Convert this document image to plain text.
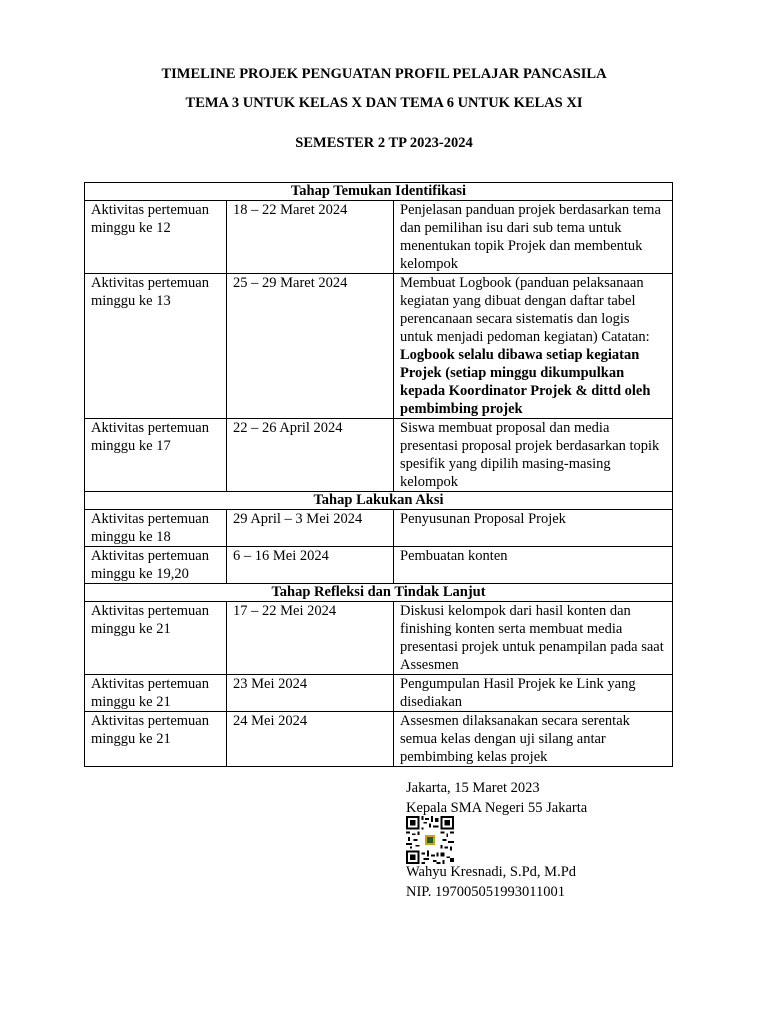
TIMELINE PROJEK PENGUATAN PROFIL PELAJAR PANCASILA
TEMA 3 UNTUK KELAS X DAN TEMA 6 UNTUK KELAS XI
SEMESTER 2 TP 2023-2024
Tahap Temukan Identifikasi		
Aktivitas pertemuan minggu ke 12	18 – 22 Maret 2024	Penjelasan panduan projek berdasarkan tema dan pemilihan isu dari sub tema untuk menentukan topik Projek dan membentuk kelompok
Aktivitas pertemuan minggu ke 13	25 – 29 Maret 2024	Membuat Logbook (panduan pelaksanaan kegiatan yang dibuat dengan daftar tabel perencanaan secara sistematis dan logis untuk menjadi pedoman kegiatan) Catatan: Logbook selalu dibawa setiap kegiatan Projek (setiap minggu dikumpulkan kepada Koordinator Projek & dittd oleh pembimbing projek
Aktivitas pertemuan minggu ke 17	22 – 26 April 2024	Siswa membuat proposal dan media presentasi proposal projek berdasarkan topik spesifik yang dipilih masing-masing kelompok
Tahap Lakukan Aksi		
Aktivitas pertemuan minggu ke 18	29 April – 3 Mei 2024	Penyusunan Proposal Projek
Aktivitas pertemuan minggu ke 19,20	6 – 16 Mei 2024	Pembuatan konten
Tahap Refleksi dan Tindak Lanjut		
Aktivitas pertemuan minggu ke 21	17 – 22 Mei 2024	Diskusi kelompok dari hasil konten dan finishing konten serta membuat media presentasi projek untuk penampilan pada saat Assesmen
Aktivitas pertemuan minggu ke 21	23 Mei 2024	Pengumpulan Hasil Projek ke Link yang disediakan
Aktivitas pertemuan minggu ke 21	24 Mei 2024	Assesmen dilaksanakan secara serentak semua kelas dengan uji silang antar pembimbing kelas projek
Jakarta, 15 Maret 2023
Kepala SMA Negeri 55 Jakarta
Wahyu Kresnadi, S.Pd, M.Pd
NIP. 197005051993011001
